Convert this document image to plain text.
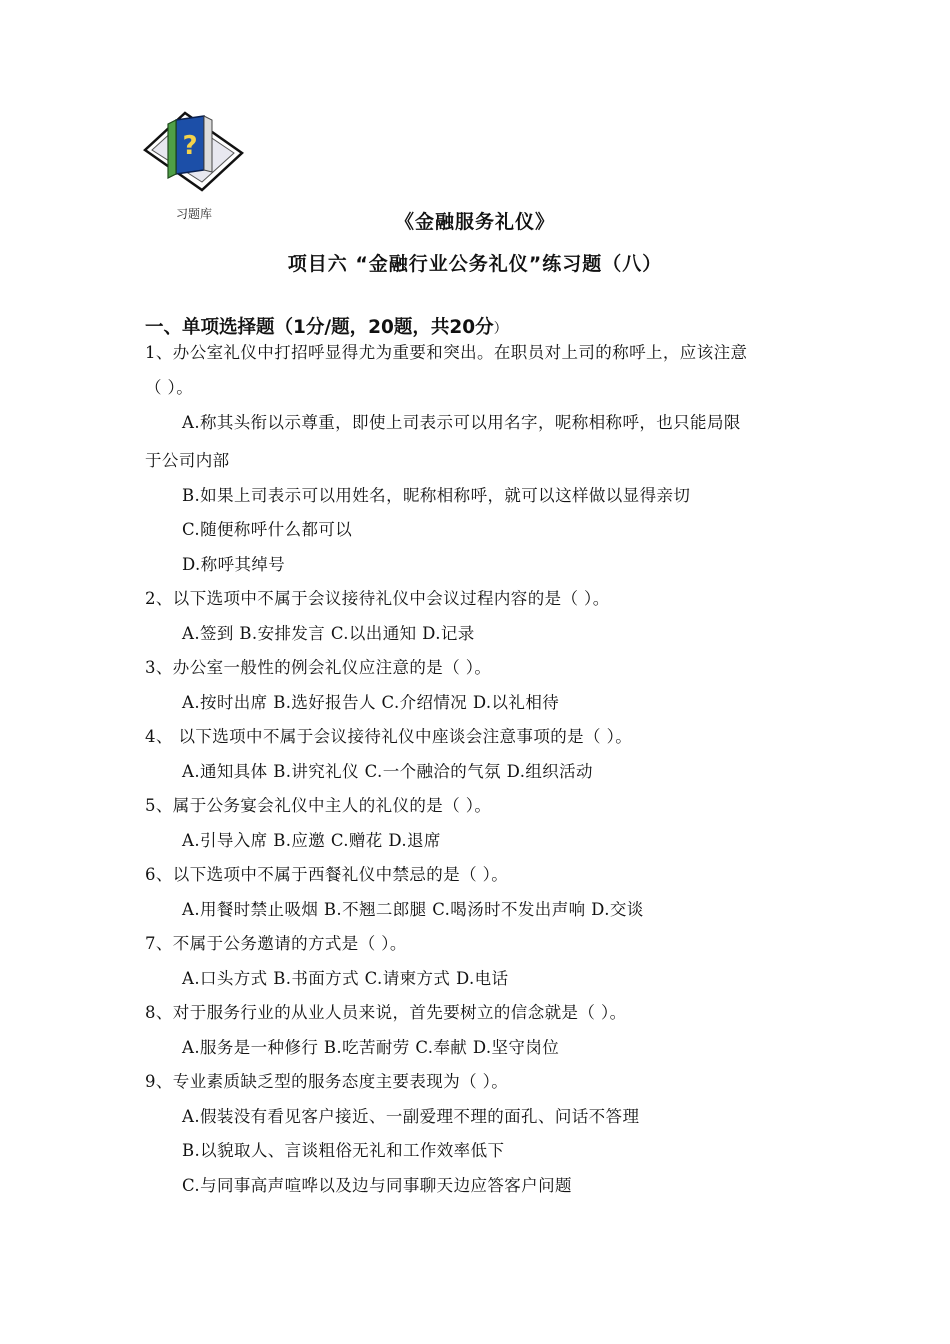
?
习题库	《金融服务礼仪》
项目六 “金融行业公务礼仪”练习题（八）
一、单项选择题（1分/题，20题，共20分）
1、办公室礼仪中打招呼显得尤为重要和突出。在职员对上司的称呼上，应该注意
（ ）。
A.称其头衔以示尊重，即使上司表示可以用名字，呢称相称呼，也只能局限
于公司内部
B.如果上司表示可以用姓名，昵称相称呼，就可以这样做以显得亲切
C.随便称呼什么都可以
D.称呼其绰号
2、以下选项中不属于会议接待礼仪中会议过程内容的是（ ）。
A.签到 B.安排发言 C.以出通知 D.记录
3、办公室一般性的例会礼仪应注意的是（ ）。
A.按时出席 B.选好报告人 C.介绍情况 D.以礼相待
4、 以下选项中不属于会议接待礼仪中座谈会注意事项的是（ ）。
A.通知具体 B.讲究礼仪 C.一个融洽的气氛 D.组织活动
5、属于公务宴会礼仪中主人的礼仪的是（ ）。
A.引导入席 B.应邀 C.赠花 D.退席
6、以下选项中不属于西餐礼仪中禁忌的是（ ）。
A.用餐时禁止吸烟 B.不翘二郎腿 C.喝汤时不发出声响 D.交谈
7、不属于公务邀请的方式是（ ）。
A.口头方式 B.书面方式 C.请柬方式 D.电话
8、对于服务行业的从业人员来说，首先要树立的信念就是（ ）。
A.服务是一种修行 B.吃苦耐劳 C.奉献 D.坚守岗位
9、专业素质缺乏型的服务态度主要表现为（ ）。
A.假装没有看见客户接近、一副爱理不理的面孔、问话不答理
B.以貌取人、言谈粗俗无礼和工作效率低下
C.与同事高声喧哗以及边与同事聊天边应答客户问题
